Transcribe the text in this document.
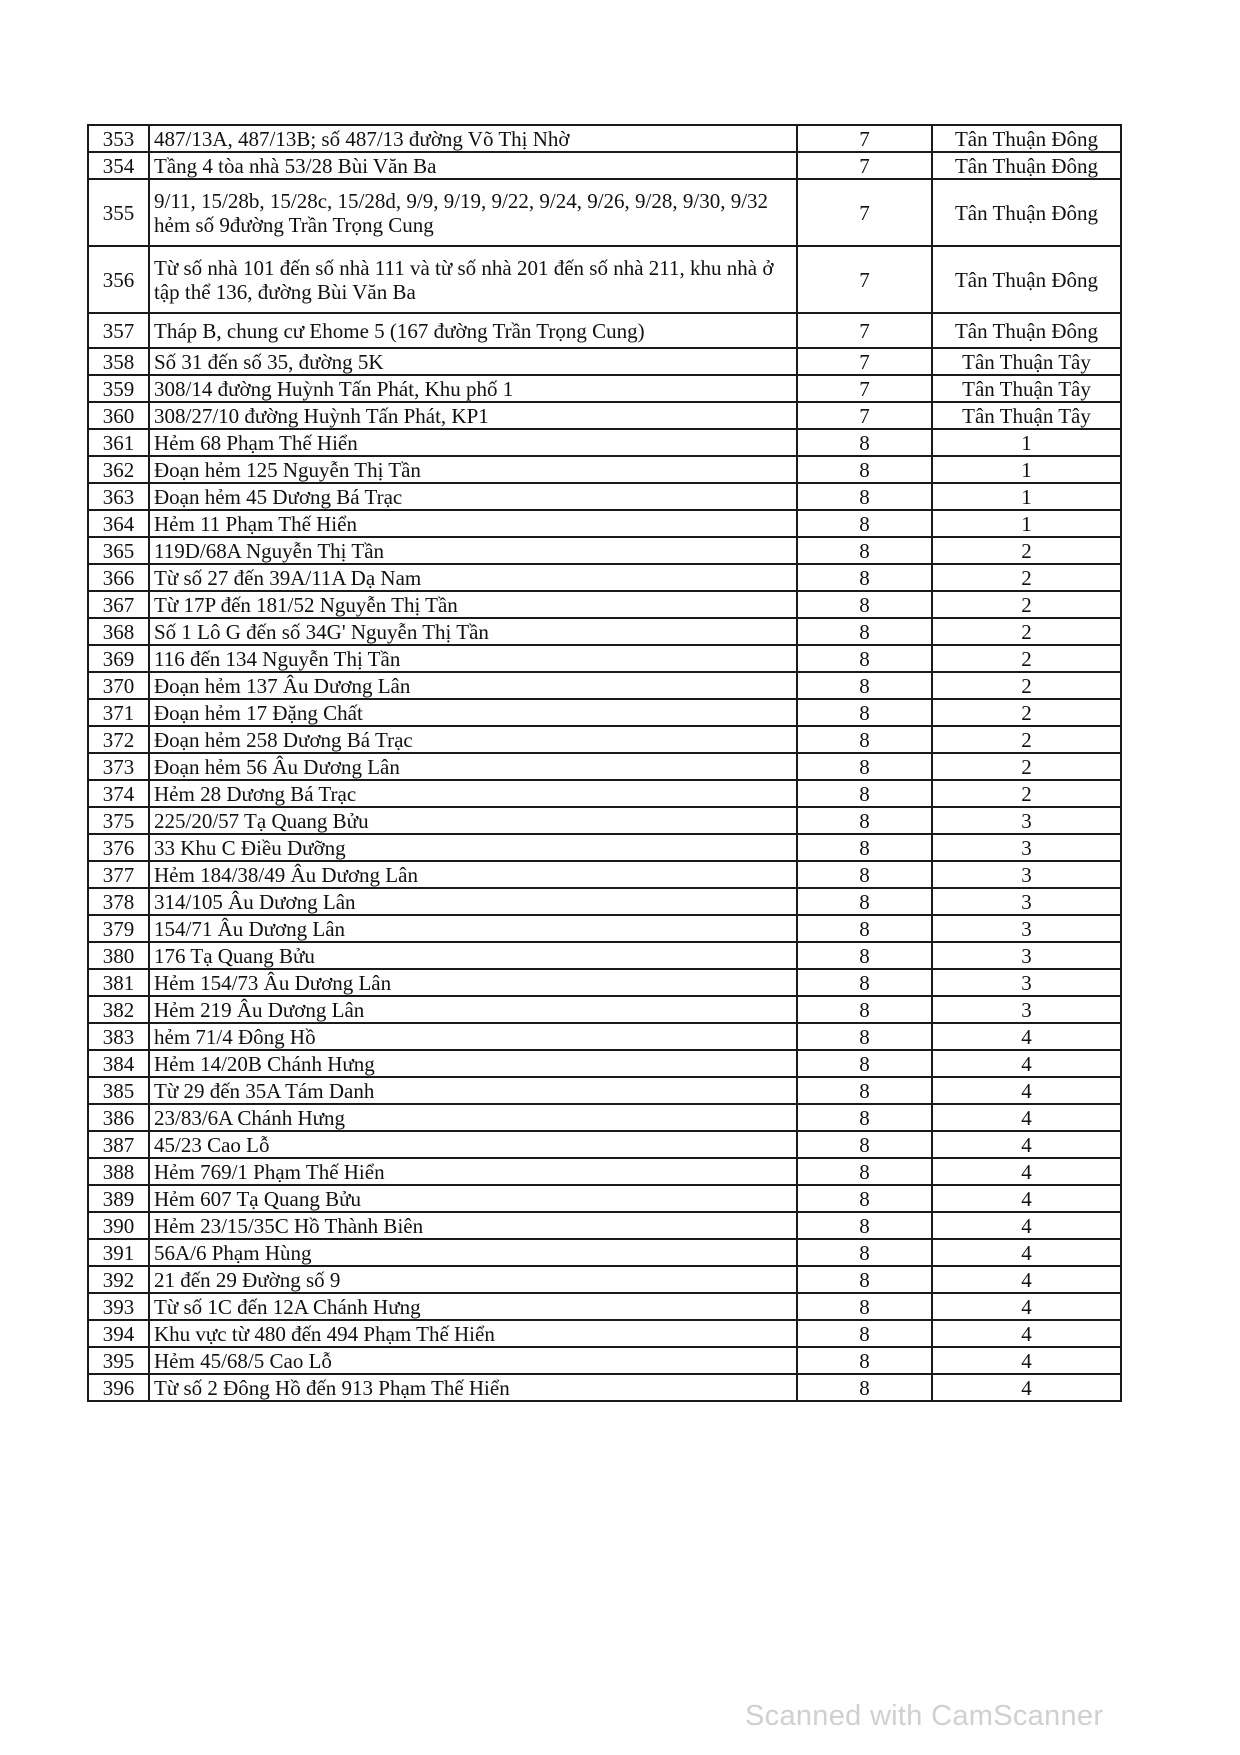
353	487/13A, 487/13B; số 487/13 đường Võ Thị Nhờ	7	Tân Thuận Đông
354	Tầng 4 tòa nhà 53/28 Bùi Văn Ba	7	Tân Thuận Đông
355	9/11, 15/28b, 15/28c, 15/28d, 9/9, 9/19, 9/22, 9/24, 9/26, 9/28, 9/30, 9/32 hẻm số 9đường Trần Trọng Cung	7	Tân Thuận Đông
356	Từ số nhà 101 đến số nhà 111 và từ số nhà 201 đến số nhà 211, khu nhà ở tập thể 136, đường Bùi Văn Ba	7	Tân Thuận Đông
357	Tháp B, chung cư Ehome 5 (167 đường Trần Trọng Cung)	7	Tân Thuận Đông
358	Số 31 đến số 35, đường 5K	7	Tân Thuận Tây
359	308/14 đường Huỳnh Tấn Phát, Khu phố 1	7	Tân Thuận Tây
360	308/27/10 đường Huỳnh Tấn Phát, KP1	7	Tân Thuận Tây
361	Hẻm 68 Phạm Thế Hiển	8	1
362	Đoạn hẻm 125 Nguyễn Thị Tần	8	1
363	Đoạn hẻm 45 Dương Bá Trạc	8	1
364	Hẻm 11 Phạm Thế Hiển	8	1
365	119D/68A Nguyễn Thị Tần	8	2
366	Từ số 27 đến 39A/11A Dạ Nam	8	2
367	Từ 17P đến 181/52 Nguyễn Thị Tần	8	2
368	Số 1 Lô G đến số 34G' Nguyễn Thị Tần	8	2
369	116 đến 134 Nguyễn Thị Tần	8	2
370	Đoạn hẻm 137 Âu Dương Lân	8	2
371	Đoạn hẻm 17 Đặng Chất	8	2
372	Đoạn hẻm 258 Dương Bá Trạc	8	2
373	Đoạn hẻm 56 Âu Dương Lân	8	2
374	Hẻm 28 Dương Bá Trạc	8	2
375	225/20/57 Tạ Quang Bửu	8	3
376	33 Khu C Điều Dưỡng	8	3
377	Hẻm 184/38/49 Âu Dương Lân	8	3
378	314/105 Âu Dương Lân	8	3
379	154/71 Âu Dương Lân	8	3
380	176 Tạ Quang Bửu	8	3
381	Hẻm 154/73 Âu Dương Lân	8	3
382	Hẻm 219 Âu Dương Lân	8	3
383	hẻm 71/4 Đông Hồ	8	4
384	Hẻm 14/20B Chánh Hưng	8	4
385	Từ 29 đến 35A Tám Danh	8	4
386	23/83/6A Chánh Hưng	8	4
387	45/23 Cao Lỗ	8	4
388	Hẻm 769/1 Phạm Thế Hiển	8	4
389	Hẻm 607 Tạ Quang Bửu	8	4
390	Hẻm 23/15/35C Hồ Thành Biên	8	4
391	56A/6 Phạm Hùng	8	4
392	21 đến 29 Đường số 9	8	4
393	Từ số 1C đến 12A Chánh Hưng	8	4
394	Khu vực từ 480 đến 494 Phạm Thế Hiển	8	4
395	Hẻm 45/68/5 Cao Lỗ	8	4
396	Từ số 2 Đông Hồ đến 913 Phạm Thế Hiển	8	4
Scanned with CamScanner
